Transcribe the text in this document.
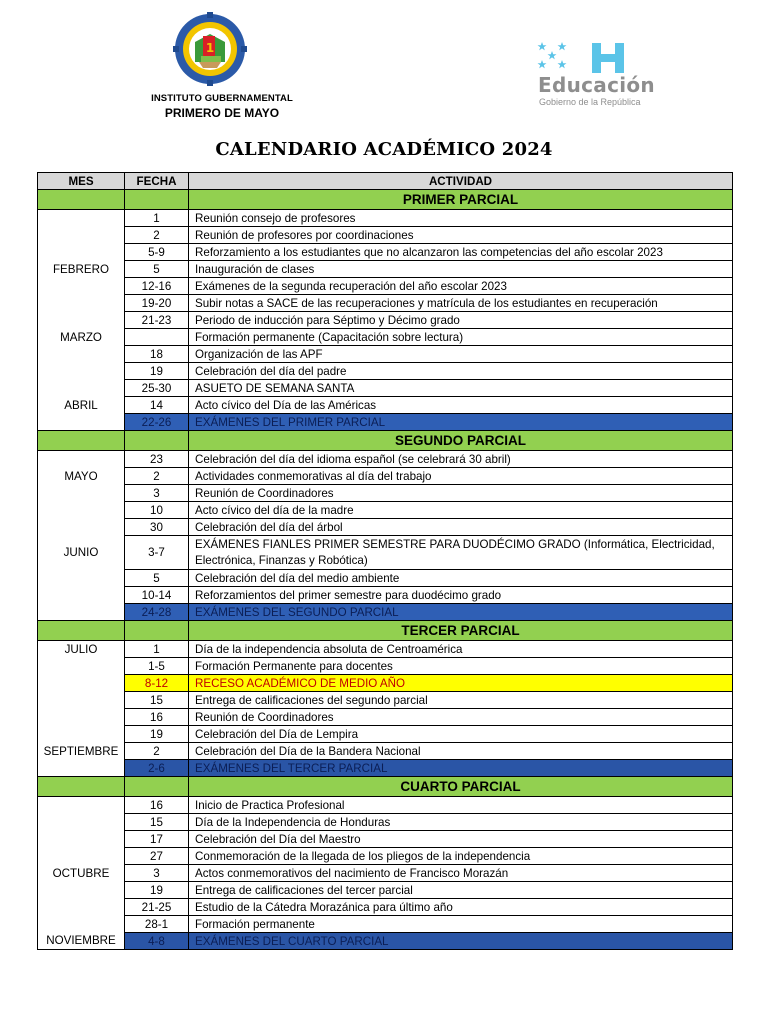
1
INSTITUTO GUBERNAMENTAL
PRIMERO DE MAYO
Educación
Gobierno de la República
CALENDARIO ACADÉMICO 2024
MES	FECHA	ACTIVIDAD
		PRIMER PARCIAL
	1	Reunión consejo de profesores
	2	Reunión de profesores por coordinaciones
	5-9	Reforzamiento a los estudiantes que no alcanzaron las competencias del año escolar 2023
FEBRERO	5	Inauguración de clases
	12-16	Exámenes de la segunda recuperación del año escolar 2023
	19-20	Subir notas a SACE de las recuperaciones y matrícula de los estudiantes en recuperación
	21-23	Periodo de inducción para Séptimo y Décimo grado
MARZO		Formación permanente (Capacitación sobre lectura)
	18	Organización de las APF
	19	Celebración del día del padre
	25-30	ASUETO DE SEMANA SANTA
ABRIL	14	Acto cívico del Día de las Américas
	22-26	EXÁMENES DEL PRIMER PARCIAL
		SEGUNDO PARCIAL
	23	Celebración del día del idioma español (se celebrará 30 abril)
MAYO	2	Actividades conmemorativas al día del trabajo
	3	Reunión de Coordinadores
	10	Acto cívico del día de la madre
	30	Celebración del día del árbol
JUNIO	3-7	EXÁMENES FIANLES PRIMER SEMESTRE PARA DUODÉCIMO GRADO (Informática, Electricidad, Electrónica, Finanzas y Robótica)
	5	Celebración del día del medio ambiente
	10-14	Reforzamientos del primer semestre para duodécimo grado
	24-28	EXÁMENES DEL SEGUNDO PARCIAL
		TERCER PARCIAL
JULIO	1	Día de la independencia absoluta de Centroamérica
	1-5	Formación Permanente para docentes
	8-12	RECESO ACADÉMICO DE MEDIO AÑO
	15	Entrega de calificaciones del segundo parcial
	16	Reunión de Coordinadores
	19	Celebración del Día de Lempira
SEPTIEMBRE	2	Celebración del Día de la Bandera Nacional
	2-6	EXÁMENES DEL TERCER PARCIAL
		CUARTO PARCIAL
	16	Inicio de Practica Profesional
	15	Día de la Independencia de Honduras
	17	Celebración del Día del Maestro
	27	Conmemoración de la llegada de los pliegos de la independencia
OCTUBRE	3	Actos conmemorativos del nacimiento de Francisco Morazán
	19	Entrega de calificaciones del tercer parcial
	21-25	Estudio de la Cátedra Morazánica para último año
	28-1	Formación permanente
NOVIEMBRE	4-8	EXÁMENES DEL CUARTO PARCIAL
